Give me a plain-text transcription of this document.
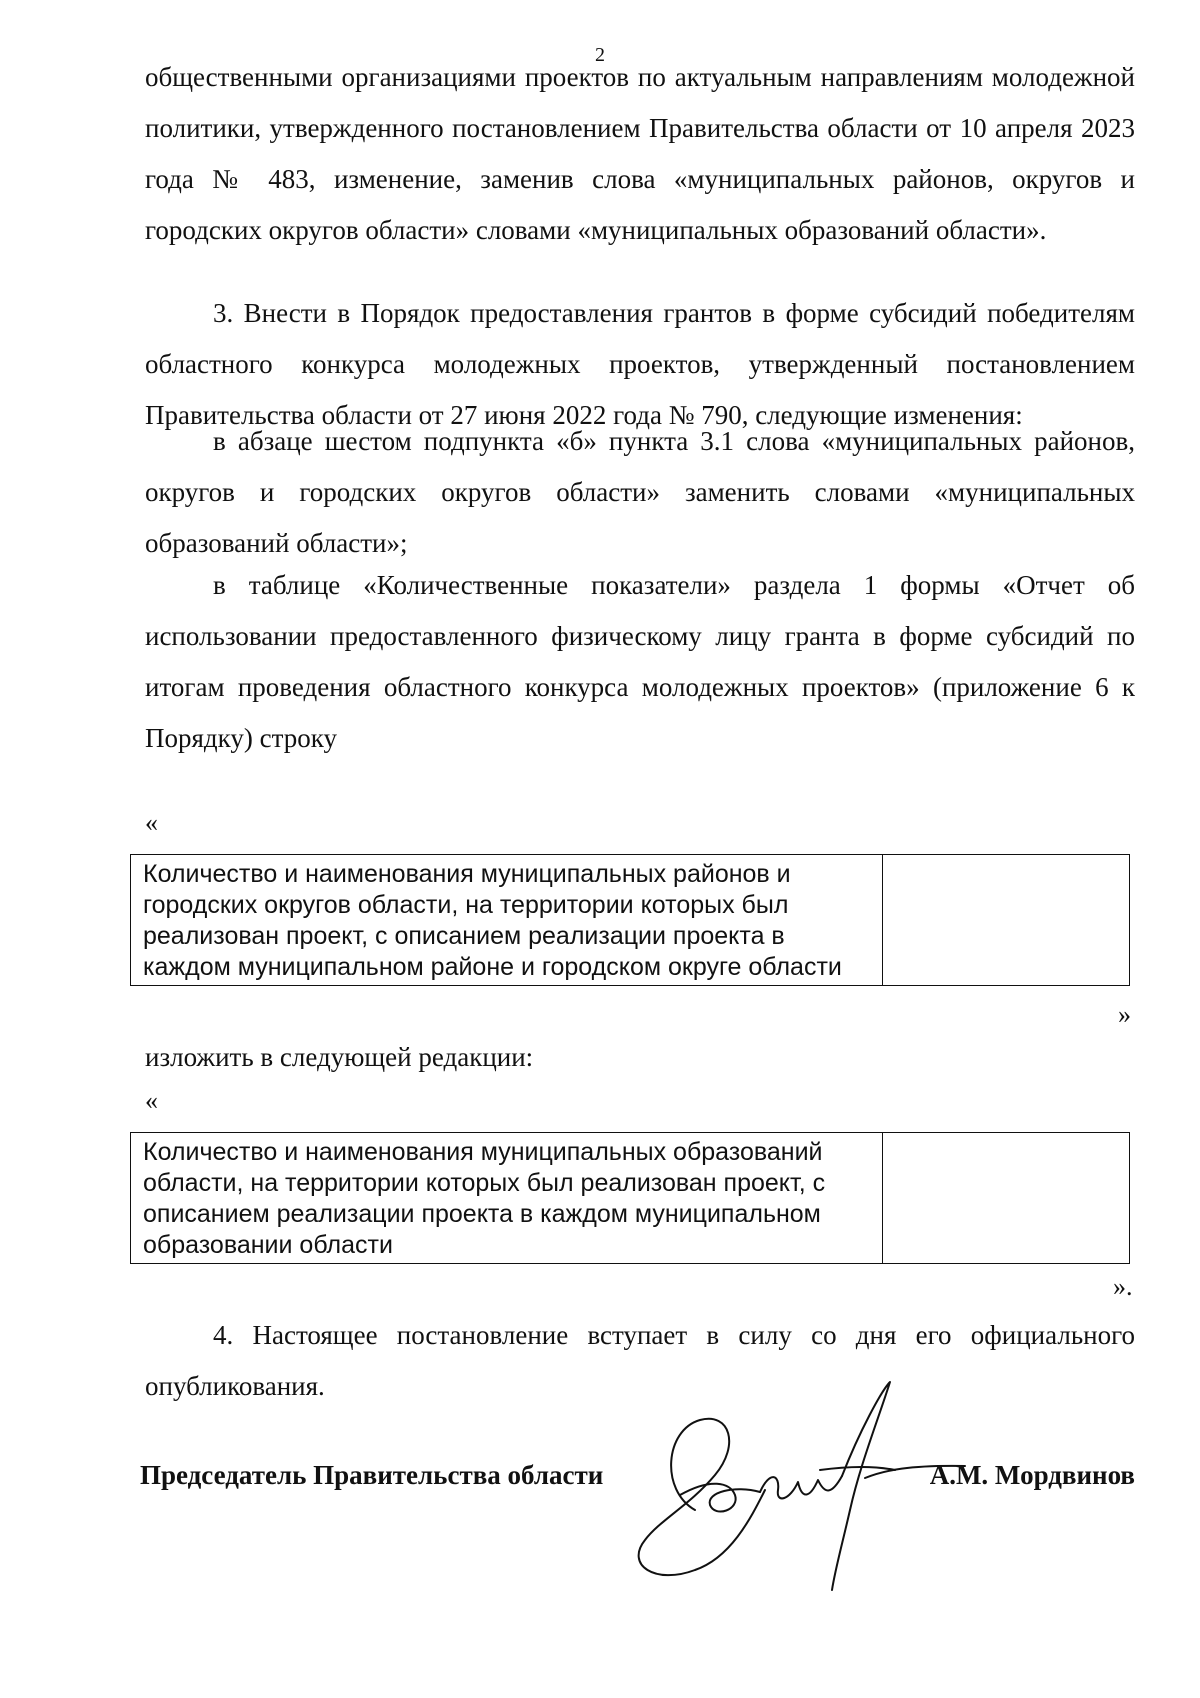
2

общественными организациями проектов по актуальным направлениям молодежной политики, утвержденного постановлением Правительства области от 10 апреля 2023 года № 483, изменение, заменив слова «муниципальных районов, округов и городских округов области» словами «муниципальных образований области».

3. Внести в Порядок предоставления грантов в форме субсидий победителям областного конкурса молодежных проектов, утвержденный постановлением Правительства области от 27 июня 2022 года № 790, следующие изменения:

в абзаце шестом подпункта «б» пункта 3.1 слова «муниципальных районов, округов и городских округов области» заменить словами «муниципальных образований области»;

в таблице «Количественные показатели» раздела 1 формы «Отчет об использовании предоставленного физическому лицу гранта в форме субсидий по итогам проведения областного конкурса молодежных проектов» (приложение 6 к Порядку) строку

«
Количество и наименования муниципальных районов и городских округов области, на территории которых был реализован проект, с описанием реализации проекта в каждом муниципальном районе и городском округе области	
»

изложить в следующей редакции:

«
Количество и наименования муниципальных образований области, на территории которых был реализован проект, с описанием реализации проекта в каждом муниципальном образовании области	
».

4. Настоящее постановление вступает в силу со дня его официального опубликования.

Председатель Правительства области	А.М. Мордвинов
